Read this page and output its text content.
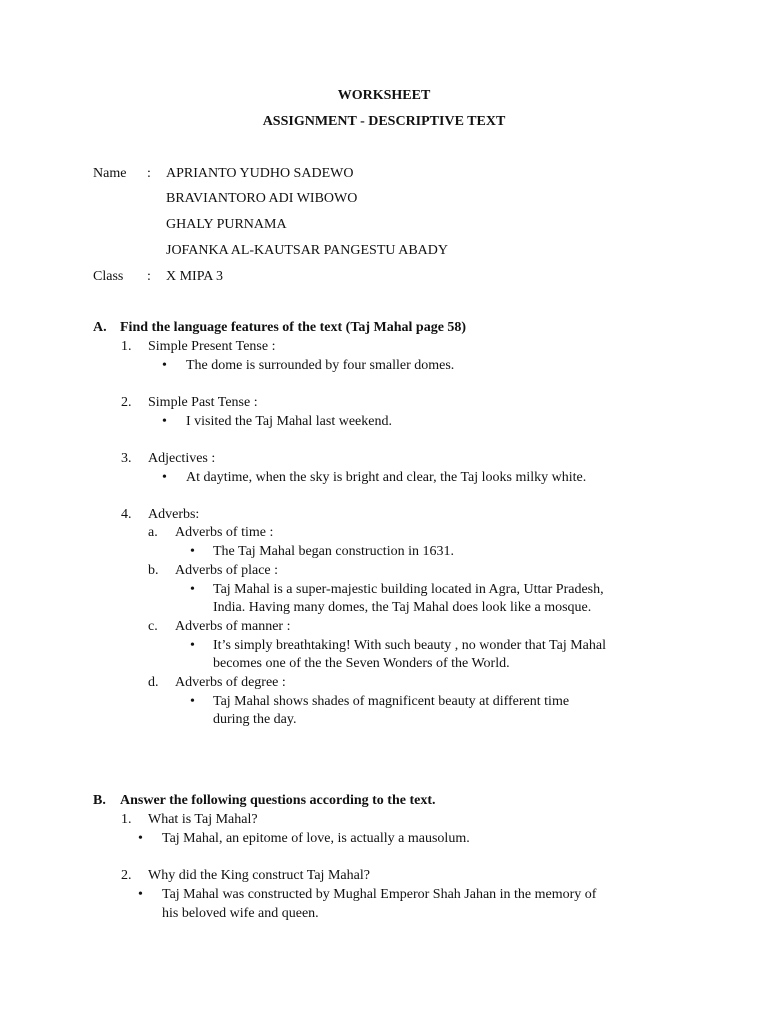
WORKSHEET
ASSIGNMENT - DESCRIPTIVE TEXT
Name : APRIANTO YUDHO SADEWO
BRAVIANTORO ADI WIBOWO
GHALY PURNAMA
JOFANKA AL-KAUTSAR PANGESTU ABADY
Class : X MIPA 3
A. Find the language features of the text (Taj Mahal page 58)
1. Simple Present Tense :
• The dome is surrounded by four smaller domes.
2. Simple Past Tense :
• I visited the Taj Mahal last weekend.
3. Adjectives :
• At daytime, when the sky is bright and clear, the Taj looks milky white.
4. Adverbs:
a. Adverbs of time :
• The Taj Mahal began construction in 1631.
b. Adverbs of place :
• Taj Mahal is a super-majestic building located in Agra, Uttar Pradesh,
India. Having many domes, the Taj Mahal does look like a mosque.
c. Adverbs of manner :
• It’s simply breathtaking! With such beauty , no wonder that Taj Mahal
becomes one of the the Seven Wonders of the World.
d. Adverbs of degree :
• Taj Mahal shows shades of magnificent beauty at different time
during the day.
B. Answer the following questions according to the text.
1. What is Taj Mahal?
• Taj Mahal, an epitome of love, is actually a mausolum.
2. Why did the King construct Taj Mahal?
• Taj Mahal was constructed by Mughal Emperor Shah Jahan in the memory of
his beloved wife and queen.
